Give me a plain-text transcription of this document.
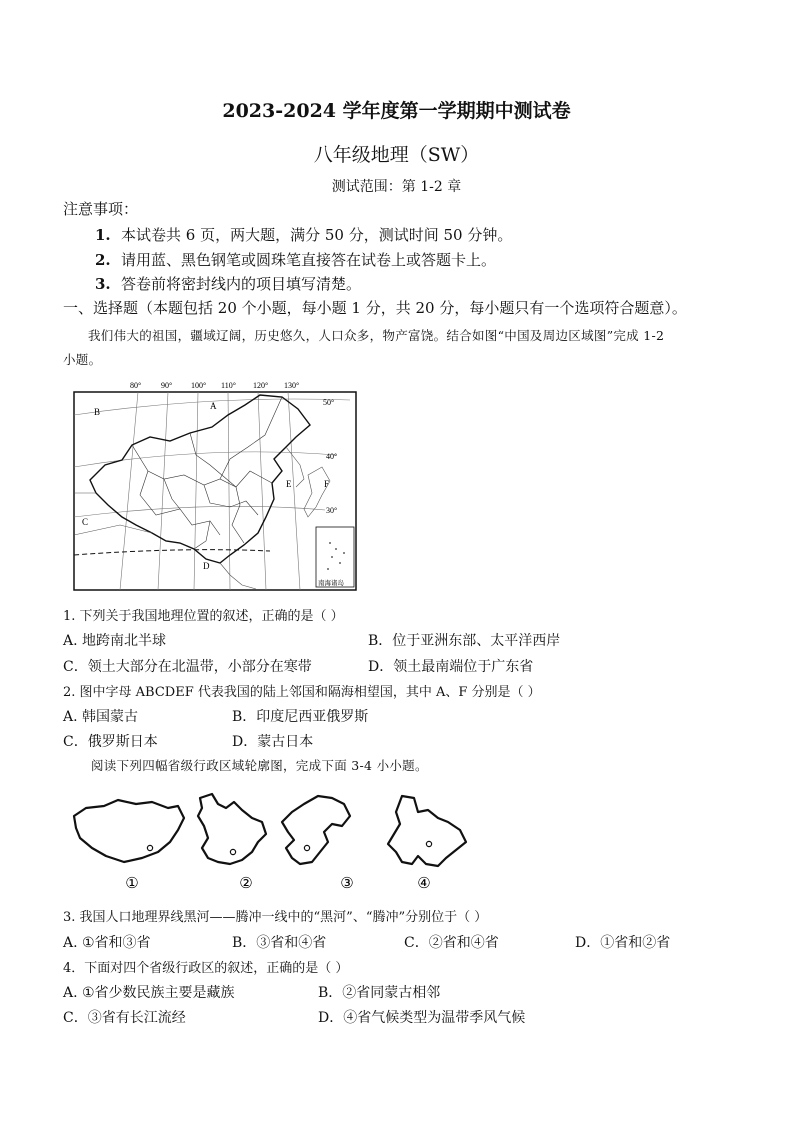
2023-2024 学年度第一学期期中测试卷
八年级地理（SW）
测试范围：第 1-2 章
注意事项：
1. 本试卷共 6 页，两大题，满分 50 分，测试时间 50 分钟。
2. 请用蓝、黑色钢笔或圆珠笔直接答在试卷上或答题卡上。
3. 答卷前将密封线内的项目填写清楚。
一、选择题（本题包括 20 个小题，每小题 1 分，共 20 分，每小题只有一个选项符合题意）。
我们伟大的祖国，疆域辽阔，历史悠久，人口众多，物产富饶。结合如图“中国及周边区域图”完成 1-2
小题。
80° 90° 100° 110° 120° 130°
50°
40°
30°
南海诸岛
A
B
C
D
E	F
1. 下列关于我国地理位置的叙述，正确的是（ ）
A. 地跨南北半球	B．位于亚洲东部、太平洋西岸
C．领土大部分在北温带，小部分在寒带	D．领土最南端位于广东省
2. 图中字母 ABCDEF 代表我国的陆上邻国和隔海相望国，其中 A、F 分别是（ ）
A. 韩国蒙古	B．印度尼西亚俄罗斯
C．俄罗斯日本	D．蒙古日本
阅读下列四幅省级行政区域轮廓图，完成下面 3-4 小小题。
①	②	③	④
3. 我国人口地理界线黑河——腾冲一线中的“黑河”、“腾冲”分别位于（ ）
A. ①省和③省	B．③省和④省	C．②省和④省	D．①省和②省
4．下面对四个省级行政区的叙述，正确的是（ ）
A. ①省少数民族主要是藏族	B．②省同蒙古相邻
C．③省有长江流经	D．④省气候类型为温带季风气候
